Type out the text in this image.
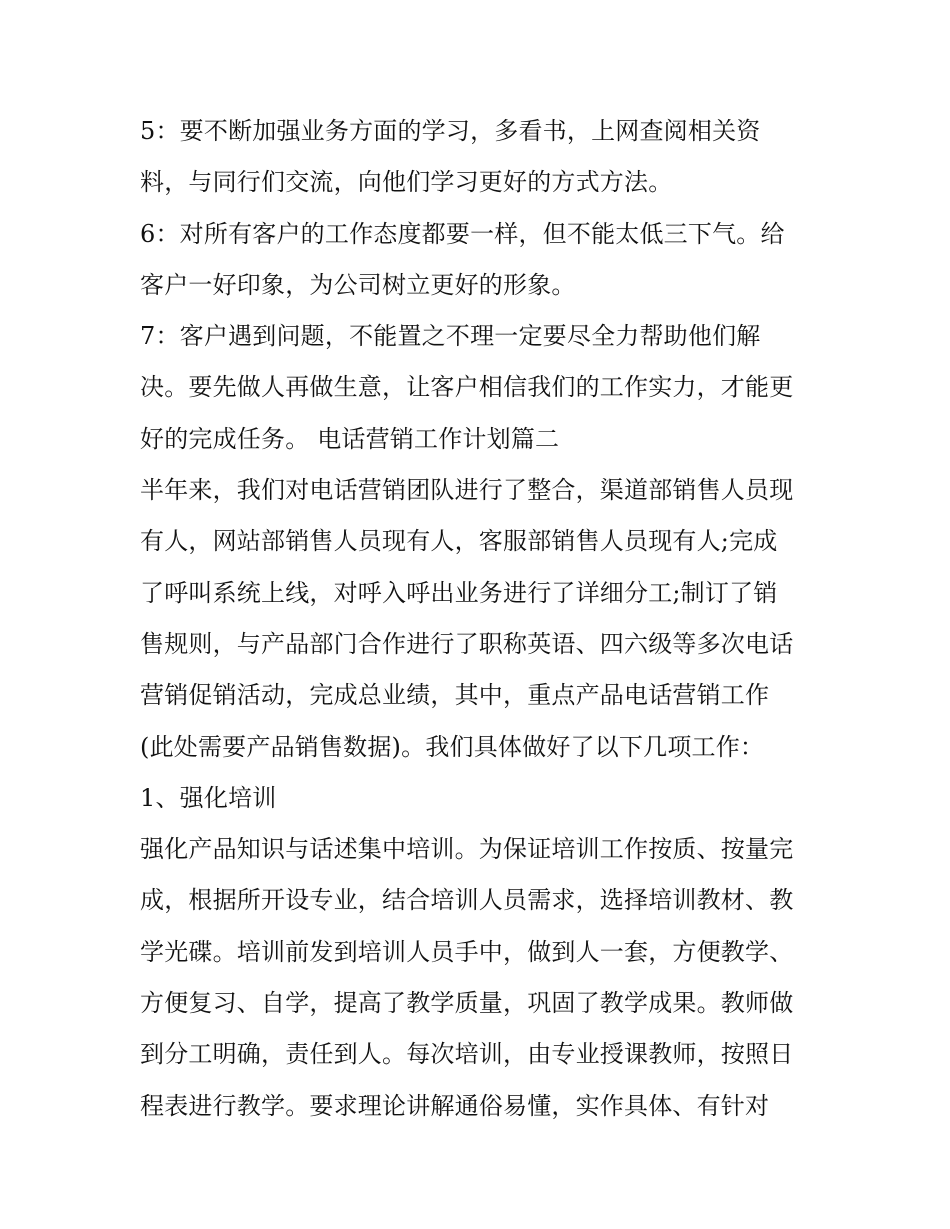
5：要不断加强业务方面的学习，多看书，上网查阅相关资
料，与同行们交流，向他们学习更好的方式方法。
6：对所有客户的工作态度都要一样，但不能太低三下气。给
客户一好印象，为公司树立更好的形象。
7：客户遇到问题，不能置之不理一定要尽全力帮助他们解
决。要先做人再做生意，让客户相信我们的工作实力，才能更
好的完成任务。 电话营销工作计划篇二
半年来，我们对电话营销团队进行了整合，渠道部销售人员现
有人，网站部销售人员现有人，客服部销售人员现有人;完成
了呼叫系统上线，对呼入呼出业务进行了详细分工;制订了销
售规则，与产品部门合作进行了职称英语、四六级等多次电话
营销促销活动，完成总业绩，其中，重点产品电话营销工作
(此处需要产品销售数据)。我们具体做好了以下几项工作：
1、强化培训
强化产品知识与话述集中培训。为保证培训工作按质、按量完
成，根据所开设专业，结合培训人员需求，选择培训教材、教
学光碟。培训前发到培训人员手中，做到人一套，方便教学、
方便复习、自学，提高了教学质量，巩固了教学成果。教师做
到分工明确，责任到人。每次培训，由专业授课教师，按照日
程表进行教学。要求理论讲解通俗易懂，实作具体、有针对
